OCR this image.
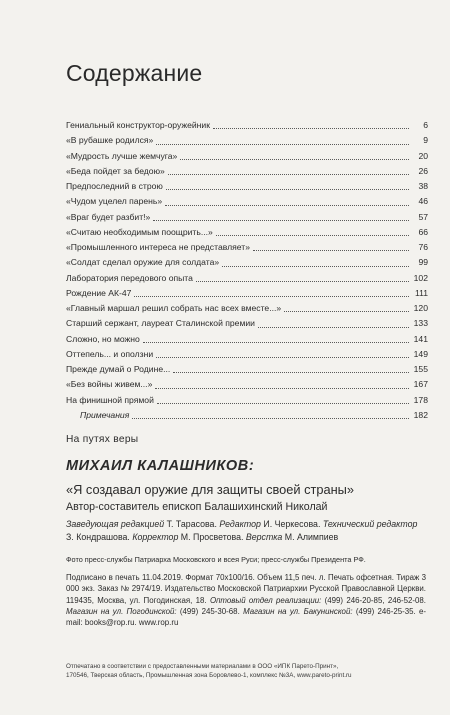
Содержание
Гениальный конструктор-оружейник	6
«В рубашке родился»	9
«Мудрость лучше жемчуга»	20
«Беда пойдет за бедою»	26
Предпоследний в строю	38
«Чудом уцелел парень»	46
«Враг будет разбит!»	57
«Считаю необходимым поощрить...»	66
«Промышленного интереса не представляет»	76
«Солдат сделал оружие для солдата»	99
Лаборатория передового опыта	102
Рождение АК-47	111
«Главный маршал решил собрать нас всех вместе...»	120
Старший сержант, лауреат Сталинской премии	133
Сложно, но можно	141
Оттепель... и оползни	149
Прежде думай о Родине...	155
«Без войны живем...»	167
На финишной прямой	178
Примечания	182
На путях веры
МИХАИЛ КАЛАШНИКОВ:
«Я создавал оружие для защиты своей страны»
Автор-составитель епископ Балашихинский Николай
Заведующая редакцией Т. Тарасова. Редактор И. Черкесова. Технический редактор З. Кондрашова. Корректор М. Просветова. Верстка М. Алимпиев
Фото пресс-службы Патриарха Московского и всея Руси; пресс-службы Президента РФ.
Подписано в печать 11.04.2019. Формат 70х100/16. Объем 11,5 печ. л. Печать офсетная. Тираж 3 000 экз. Заказ № 2974/19. Издательство Московской Патриархии Русской Православной Церкви. 119435, Москва, ул. Погодинская, 18. Оптовый отдел реализации: (499) 246-20-85, 246-52-08. Магазин на ул. Погодинской: (499) 245-30-68. Магазин на ул. Бакунинской: (499) 246-25-35. e-mail: books@rop.ru. www.rop.ru
Отпечатано в соответствии с предоставленными материалами в ООО «ИПК Парето-Принт»,
170546, Тверская область, Промышленная зона Боровлево-1, комплекс №3А, www.pareto-print.ru
